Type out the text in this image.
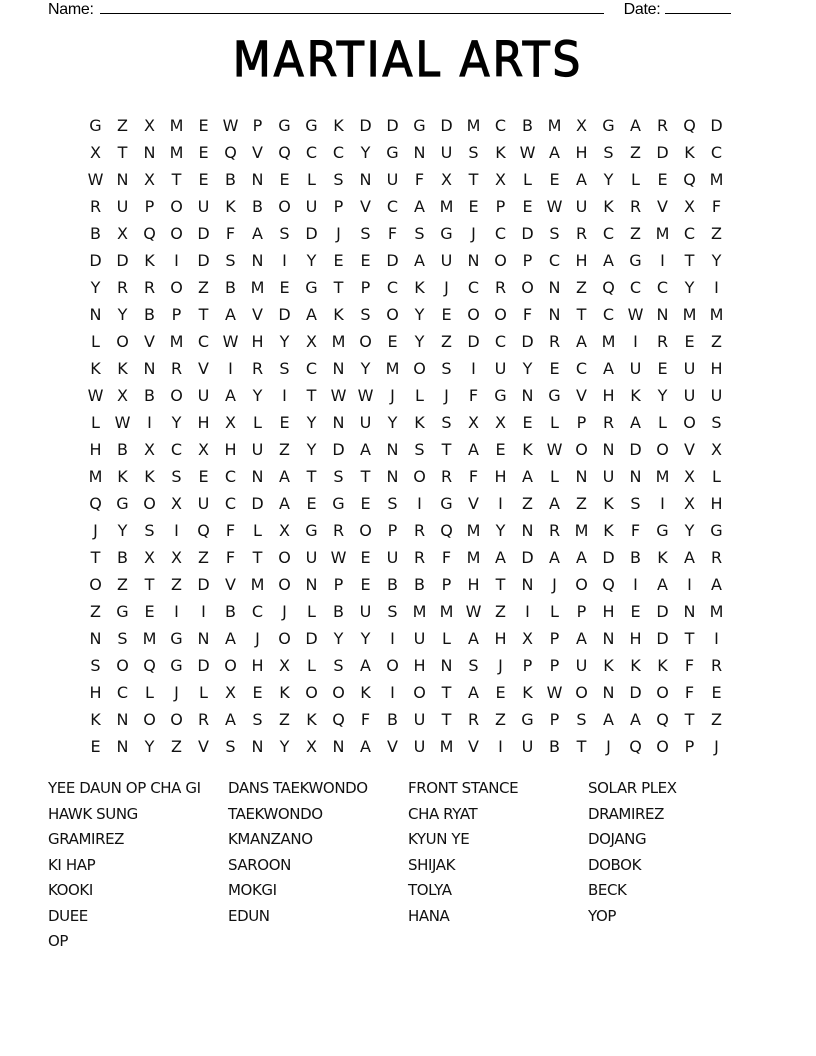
Name:	Date:
MARTIAL ARTS
G Z	X M E W P G G K D D G D M C B M X G A R Q D
X	T	N M E Q V Q C C	Y G N U	S	K W A H S	Z D K	C
W N X	T	E	B N E	L	S N U	F	X	T	X	L	E	A	Y	L	E Q M
R U	P O U K	B O U	P	V C A M E	P	E W U K	R V	X	F
B	X Q O D	F	A	S D	J	S	F	S G	J	C D S	R C Z M C Z
D D K	I	D S N	I	Y	E	E D A U N O P	C H A G	I	T	Y
Y	R R O Z	B M E G T	P	C	K	J	C R O N Z Q C C	Y	I
N	Y	B	P	T	A	V D A	K	S O Y	E O O	F	N	T	C W N M M
L	O V M C W H	Y	X M O E	Y	Z D C D R A M	I	R	E	Z
K	K N R V	I	R	S	C N	Y M O S	I	U	Y	E	C A U	E	U H
W X	B O U A	Y	I	T W W	J	L	J	F	G N G V H K	Y	U U
L W	I	Y	H X	L	E	Y	N U	Y	K	S	X	X	E	L	P	R A	L	O S
H B	X C X H U Z	Y D A N S	T	A	E	K W O N D O V	X
M K	K	S	E	C N A	T	S	T	N O R	F	H A	L	N U N M X	L
Q G O X U C D A	E G E	S	I	G V	I	Z	A	Z	K	S	I	X H
J	Y	S	I	Q	F	L	X G R O P	R Q M Y	N R M K	F	G Y G
T	B	X	X	Z	F	T O U W E	U R	F M A D A	A D B	K	A R
O Z	T	Z D V M O N	P	E	B	B	P	H	T	N	J	O Q	I	A	I	A
Z G E	I	I	B C	J	L	B U	S M M W Z	I	L	P	H E D N M
N S M G N A	J	O D Y	Y	I	U	L	A H X	P	A N H D T	I
S O Q G D O H X	L	S	A O H N S	J	P	P	U K	K	K	F	R
H C	L	J	L	X	E	K O O K	I	O T	A	E	K W O N D O	F	E
K N O O R A	S	Z	K Q	F	B U	T	R Z G P	S	A	A Q T	Z
E N	Y	Z	V	S N	Y	X N A	V U M V	I	U B	T	J	Q O P	J
YEE DAUN OP CHA GI	DANS TAEKWONDO	FRONT STANCE	SOLAR PLEX
HAWK SUNG	TAEKWONDO	CHA RYAT	DRAMIREZ
GRAMIREZ	KMANZANO	KYUN YE	DOJANG
KI HAP	SAROON	SHIJAK	DOBOK
KOOKI	MOKGI	TOLYA	BECK
DUEE	EDUN	HANA	YOP
OP
